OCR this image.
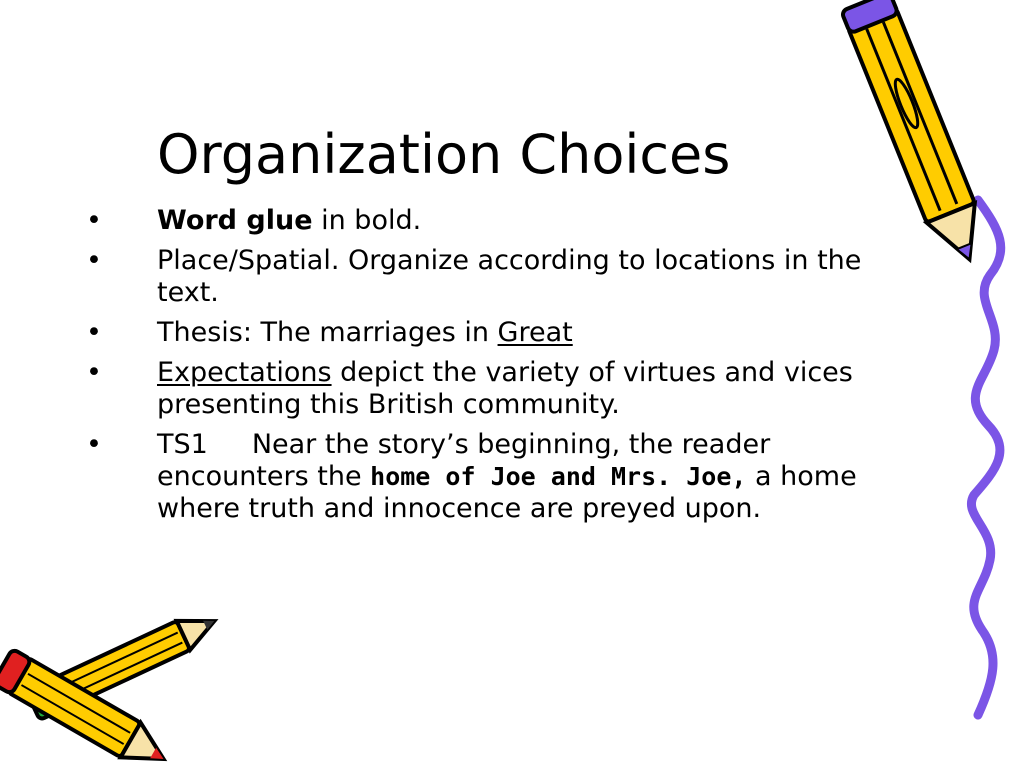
Organization Choices
• Word glue in bold.
• Place/Spatial. Organize according to locations in the text.
• Thesis: The marriages in Great
• Expectations depict the variety of virtues and vices presenting this British community.
• TS1 Near the story’s beginning, the reader encounters the home of Joe and Mrs. Joe, a home where truth and innocence are preyed upon.
